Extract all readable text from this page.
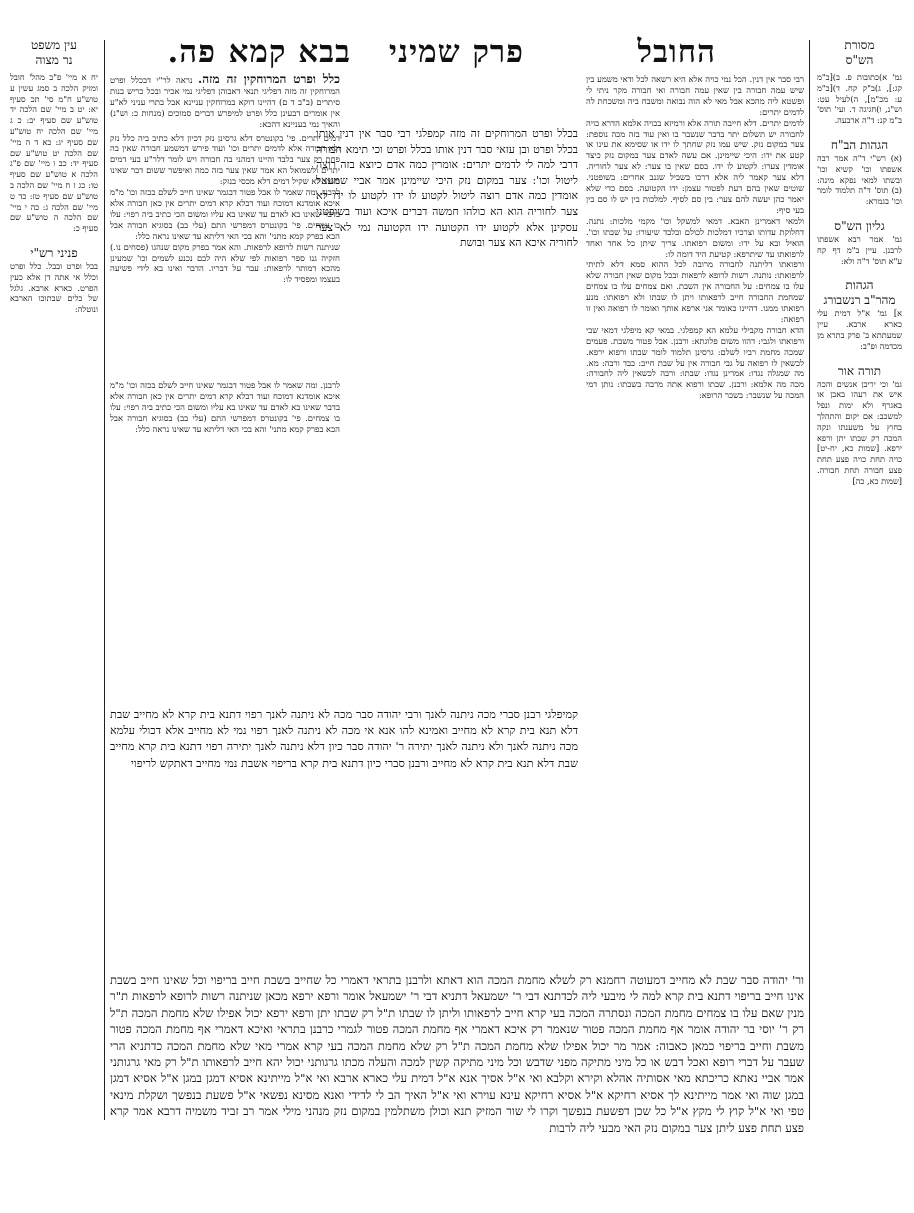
החובל
פרק שמיני
בבא קמא
פה.	מסורת
הש"ס
גמ' א)כתובות פ. ב)[ב"מ קג:], ג)ב"ק קח. ד)[ב"מ ע: מכ"מ], ה)לעיל עט: וש"נ, ו)חגיגה ד. ועי' תוס' ב"מ קנ: ד"ה ארבעה.
הגהות הב"ח
(א) רש"י ד"ה אמר רבה אשפתו וכו' קשיא וכו' ובשתו למאי נפקא מינה: (ב) תוס' ד"ה תלמוד לומר וכו' בגמרא:
גליון הש"ס
גמ' אמר רבא אשפתו לרבנן. עיין ב"מ דף קח ע"א תוס' ד"ה ולא:
הגהות
מהר"ב רנשבורג
א] גמ' א"ל דמית עלי כארא ארבא. עיין שמעתתא ב' פרק בתרא מן מכדמה ופ"ב:
תורה אור
גמ' וכי יריבן אנשים והכה איש את רעהו באבן או באגרף ולא ימות ונפל למשכב: אם יקום והתהלך בחוץ על משענתו ונקה המכה רק שבתו יתן ורפא ירפא. [שמות כא, יח-יט] כויה תחת כויה פצע תחת פצע חבורה תחת חבורה. [שמות כא, כה]
עין משפט
נר מצוה
יח א מיי' פ"ב מהל' חובל ומזיק הלכה ב סמג עשין ע טוש"ע ח"מ סי' תכ סעיף יא: יט ב מיי' שם הלכה יד טוש"ע שם סעיף יב: כ ג מיי' שם הלכה יח טוש"ע שם סעיף יג: כא ד ה מיי' שם הלכה יט טוש"ע שם סעיף יד: כב ו מיי' שם פ"ג הלכה א טוש"ע שם סעיף טו: כג ז ח מיי' שם הלכה ב טוש"ע שם סעיף טז: כד ט מיי' שם הלכה ג: כה י מיי' שם הלכה ה טוש"ע שם סעיף כ:
פניני רש"י
בבל ופרט ובבל. כלל ופרט וכלל אי אתה דן אלא כעין הפרט. כארא ארבא. גלגל של כלים שבתוכו הארבא ונוטלה:

רבי סבר אין דנין. הכל נמי כויה אלא היא רשאה לכל ודאי משמע בין שיש עמה חבורה בין שאין עמה חבורה ואי חבורה מקר ניתי לי ופשטא ליה מהכא אבל מאי לא הוה נבואה ומשבח ביה ומשכחת לה לדמים יתרים:

לדמים יתרים. דלא חייבה תורה אלא ורמיזא בכויה אלמא הדרא כויה לחבורה יש תשלום יתר בדבר שנשבר בו ואין עוד בזה מכה נוספת: צער במקום נזק. שיש עמו נזק שחתך לו ידו או שסימא את עינו או קטע את ידו: היכי שיימינן. אם עשה לאדם צער במקום נזק כיצד אומדין צערו: לקטוע לו ידו. בסם שאין בו צער: לא צער לחוריה. דלא צער קאמר ליה אלא דרכו בשביל שגנב אחרים: בשופטני. שוטים שאין בהם דעת לפטור עצמן: ידו הקטועה. בסם כדי שלא יאמר כהן יעשה להם צער: בין סם לסיף. למלכות בין יש לו סם בין בעי סיף:

ולמאי דאמרינן האבא. דמאי למשקל וכו' מקמי מלכות: נתנה. דחלוקת עדותו וצרכיו דמלכות לכולם ובלבד שיעורו: על שבתו וכו'. הואיל ובא על ידו: ומשום רפואתו. צריך שיתן כל אחד ואחד לרפואתו עד שיתרפא: קטיעת היד דומה לו:

ורפואתו דליתנה לחבורה מרובה לכל ההוא סמא דלא לתיתי לרפואתו: נותנה. רשות לרופא לרפאות ובכל מקום שאין חבורה שלא עלו בו צמחים: על החבורה אין השבת. ואם צמחים עלו בו צמחים שמחמת החבורה חייב לרפאותו ויתן לו שבתו ולא רפואתו: מנע רפואתו ממנו. דהיינו כאומר אני ארפא אותך ואומר לו רפואה ואין זו רפואה:

הדא חבורה מקבילי עלמא הא קמפלגי. במאי קא מיפלגי דמאי שבי ורפואתו ולגבי: דהוו משום פלוגתא: ורבנן. אבל פטור משבת. פעמים שמכה מחמת רביו לשלם: גרסינן תלמוד לומר שבתו ורפוא ירפא. לכשאין לו רפואה על גבי חבורה אין על שבת חייב: כבד ורבה: מא. מה שמגלה נגדו: אמרינן נגדו: שבתו: ורבה לכשאין ליה לחבורה: מכה מה אלמא: ורבנן. שבתו ורפוא אתה מרבה בשבתו: נותן דמי המכה על שנשבר: בשכר הרופא:

כלל ופרט המרוחקין זה מזה. נראה לר"י דבכלל ופרט המרוחקין זה מזה דפליגי תנאי דאבוהן דפליגי נמי אכיר ובכל כריש בנות סיתרים (ב"ב ד ם) דהיינו דוקא במרוחקין עניינא אבל בתרי עניני לא"ע אין אומרים דבעינן כלל ופרט למיפרש דברים סמוכים (מנחות כ: וש"נ) והאיך נמי בעניינא דהכא:

דמים יתרים. פי' בקונטרס דלא גרסינן נזק דכיון דלא כתיב ביה כלל נזק ולא חבורה אלא לדמים יתרים וכו' ועוד פירש דמשמע חבורה שאין בה פחת רק צער בלבד והיינו דמהני בה חבורה ויש לומר דלר"ע בעי דמים יתרים ולשמואל הא אמר שאין צער בזה כמה ואיפשר ששום דבר שאינו חשוב לא שקיל דמים דלא מכסי בנזק:

לרבנן. ומה שאמר לו אבל פטור דבגמר שאינו חייב לשלם בכזה וכו' מ"מ איכא אומדנא דמוכח ועוד דבלא קרא דמים יתרים אין כאן חבורה אלא בדבר שאינו בא לאדם עד שאינו בא עליו ומשום הכי כתיב ביה רפוי: עלו בו צמחים. פי' בקונטרס דמפרשי התם (עלי בב) בסוגיא חבורה אבל הכא בפרק קמא מתני' והא בכי האי דליתא עד שאינו נראה כלל:

שניתנה רשות לרופא לרפאות. והא אמר בפרק מקום שנהגו (פסחים נו.) חזקיה גנז ספר רפואות לפי שלא היה לבם נכנע לשמים וכו' שמעינן מהכא דמותר לרפאות: עבר על דבריו. הדבר ואינו בא לידי פשיעה בעצמו ומפסיד לו:

בכלל ופרט המרוחקים זה מזה קמפלגי רבי סבר אין דנין אותו בכלל ופרט ובן עזאי סבר דנין אותו בכלל ופרט וכי תימא חבורה דרבי למה לי לדמים יתרים: אומרין כמה אדם כיוצא בזה רוצה ליטול וכו': צער במקום נזק היכי שיימינן אמר אביי שמעאל אומדין כמה אדם רוצה ליטול לקטוע לו ידו לקטוע לו ידו לא צער לחוריה הוא הא כולהו חמשה דברים איכא ועוד בשופטני עסקינן אלא לקטוע ידו הקטועה ידו הקטועה נמי לא צער לחוריה איכא הא צער ובושת

לרבנן. ומה שאמר לו אבל פטור דבגמר שאינו חייב לשלם בכזה וכו' מ"מ איכא אומדנא דמוכח ועוד דבלא קרא דמים יתרים אין כאן חבורה אלא בדבר שאינו בא לאדם עד שאינו בא עליו ומשום הכי כתיב ביה רפוי: עלו בו צמחים. פי' בקונטרס דמפרשי התם (עלי בב) בסוגיא חבורה אבל הכא בפרק קמא מתני' והא בכי האי דליתא עד שאינו נראה כלל:

קמיפלגי רבנן סברי מכה ניתנה לאנך ורבי יהודה סבר מכה לא ניתנה לאנך רפוי דתנא בית קרא לא מחייב שבת דלא תנא בית קרא לא מחייב ואמינא להו אנא אי מכה לא ניתנה לאנך רפוי נמי לא מחייב אלא דכולי עלמא מכה ניתנה לאנך ולא ניתנה לאנך יתירה ר' יהודה סבר כיון דלא ניתנה לאנך יתירה רפוי דתנא בית קרא מחייב שבת דלא תנא בית קרא לא מחייב ורבנן סברי כיון דתנא בית קרא בריפוי אשבת נמי מחייב דאתקש לריפוי

ור' יהודה סבר שבת לא מחייב דמעוטה רחמנא רק לשלא מחמת המכה הוא דאתא ולרבנן בתראי דאמרי כל שחייב בשבת חייב בריפוי וכל שאינו חייב בשבת אינו חייב בריפוי דתנא בית קרא למה לי מיבעי ליה לכדתנא דבי ר' ישמעאל דתניא דבי ר' ישמעאל אומר ורפא ירפא מכאן שניתנה רשות לרופא לרפאות ת"ר מנין שאם עלו בו צמחים מחמת המכה ונסתרה המכה בעי קרא חייב לרפאותו וליתן לו שבתו ת"ל רק שבתו יתן ורפא ירפא יכול אפילו שלא מחמת המכה ת"ל רק ר' יוסי בר יהודה אומר אף מחמת המכה פטור שנאמר רק איכא דאמרי אף מחמת המכה פטור לגמרי כרבנן בתראי ואיכא דאמרי אף מחמת המכה פטור משבת וחייב בריפוי כמאן כאבוה: אמר מר יכול אפילו שלא מחמת המכה ת"ל רק שלא מחמת המכה בעי קרא אמרי מאי שלא מחמת המכה כדתניא הרי שעבר על דברי רופא ואכל דבש או כל מיני מתיקה מפני שדבש וכל מיני מתיקה קשין למכה והעלה מכתו גרגותני יכול יהא חייב לרפאותו ת"ל רק מאי גרגותני אמר אביי נאתא כריכתא מאי אסותיה אהלא וקירא וקלבא ואי א"ל אסיך אנא א"ל דמית עלי כארא ארבא ואי א"ל מייתינא אסיא דמגן במגן א"ל אסיא דמגן במגן שוה ואי אמר מייתינא לך אסיא רחיקא א"ל אסיא רחיקא עינא עוירא ואי א"ל האיך הב לי לדידי ואנא מסינא נפשאי א"ל פשעת בנפשך ושקלת מינאי טפי ואי א"ל קוץ לי מקץ א"ל כל שכן דפשעת בנפשך וקרו לי שור המזיק תנא וכולן משתלמין במקום נזק מנהני מילי אמר רב זביד משמיה דרבא אמר קרא פצע תחת פצע ליתן צער במקום נזק האי מבעי ליה לרבות
